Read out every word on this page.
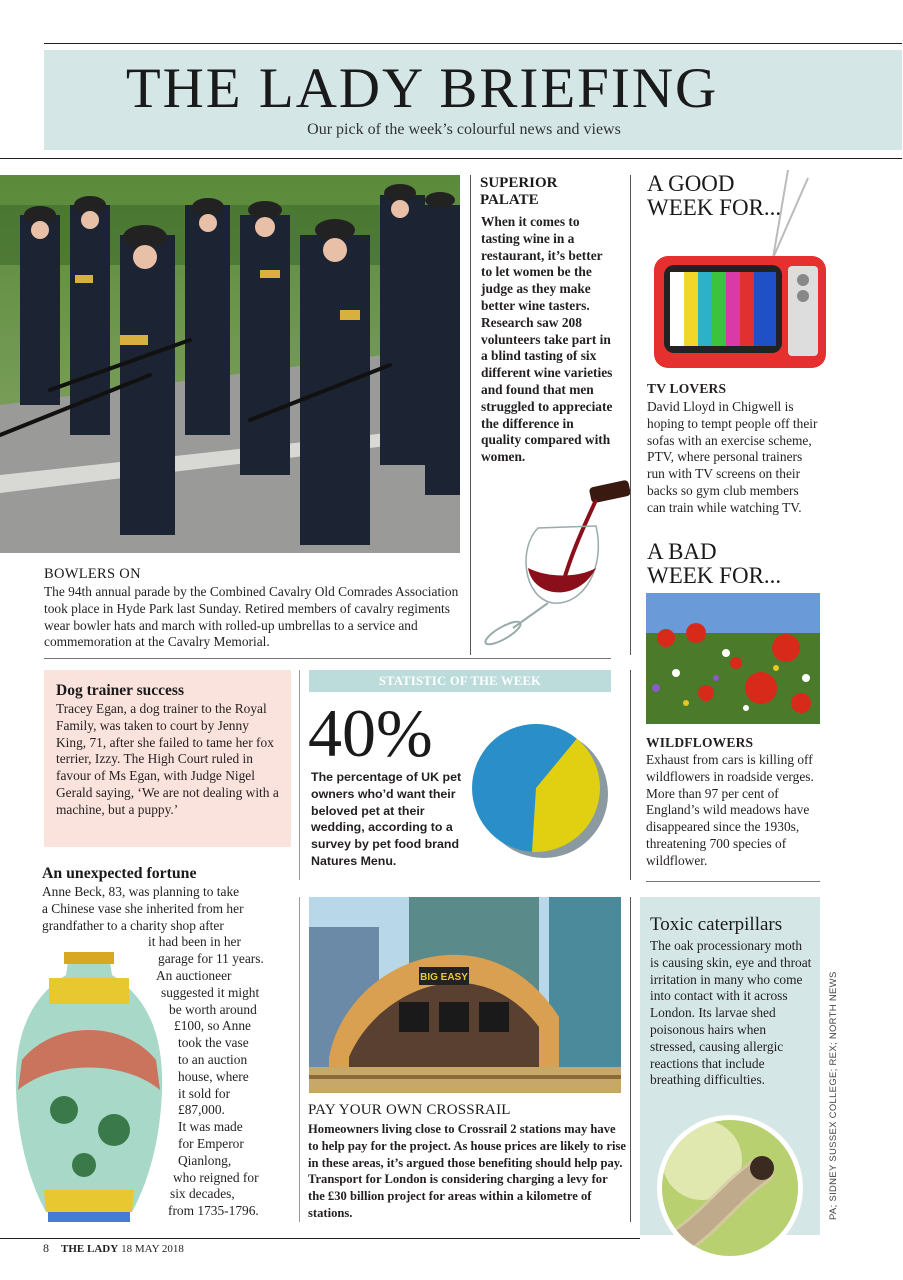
THE LADY BRIEFING
Our pick of the week’s colourful news and views
BOWLERS ON
The 94th annual parade by the Combined Cavalry Old Comrades Association took place in Hyde Park last Sunday. Retired members of cavalry regiments wear bowler hats and march with rolled-up umbrellas to a service and commemoration at the Cavalry Memorial.
SUPERIOR
PALATE
When it comes to tasting wine in a restaurant, it’s better to let women be the judge as they make better wine tasters. Research saw 208 volunteers take part in a blind tasting of six different wine varieties and found that men struggled to appreciate the difference in quality compared with women.
A GOOD
WEEK FOR...
TV LOVERS
David Lloyd in Chigwell is hoping to tempt people off their sofas with an exercise scheme, PTV, where personal trainers run with TV screens on their backs so gym club members can train while watching TV.
A BAD
WEEK FOR...
WILDFLOWERS
Exhaust from cars is killing off wildflowers in roadside verges. More than 97 per cent of England’s wild meadows have disappeared since the 1930s, threatening 700 species of wildflower.
Dog trainer success
Tracey Egan, a dog trainer to the Royal Family, was taken to court by Jenny King, 71, after she failed to tame her fox terrier, Izzy. The High Court ruled in favour of Ms Egan, with Judge Nigel Gerald saying, ‘We are not dealing with a machine, but a puppy.’
STATISTIC OF THE WEEK
40%
The percentage of UK pet owners who’d want their beloved pet at their wedding, according to a survey by pet food brand Natures Menu.
An unexpected fortune
Anne Beck, 83, was planning to take
a Chinese vase she inherited from her
grandfather to a charity shop after
it had been in her
garage for 11 years.
An auctioneer
suggested it might
be worth around
£100, so Anne
took the vase
to an auction
house, where
it sold for
£87,000.
It was made
for Emperor
Qianlong,
who reigned for
six decades,
from 1735-1796.
BIG EASY
PAY YOUR OWN CROSSRAIL
Homeowners living close to Crossrail 2 stations may have to help pay for the project. As house prices are likely to rise in these areas, it’s argued those benefiting should help pay. Transport for London is considering charging a levy for the £30 billion project for areas within a kilometre of stations.
Toxic caterpillars
The oak processionary moth is causing skin, eye and throat irritation in many who come into contact with it across London. Its larvae shed poisonous hairs when stressed, causing allergic reactions that include breathing difficulties.	PA; SIDNEY SUSSEX COLLEGE; REX; NORTH NEWS
8 THE LADY 18 MAY 2018
